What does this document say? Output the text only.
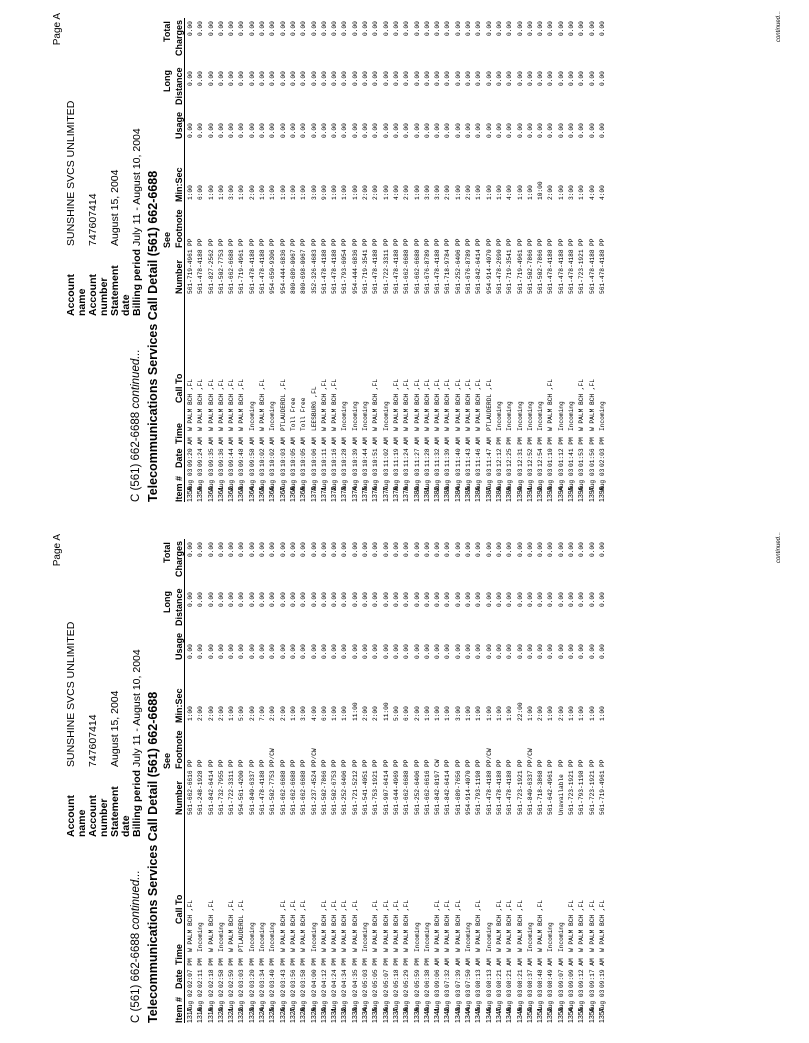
Page A
Account name
SUNSHINE SVCS UNLIMITED
Account number
747607414
Statement date
August 15, 2004
Billing period
July 11 - August 10, 2004
C (561) 662-6688 continued... Telecommunications Services Call Detail (561) 662-6688 Item #
Date
Time
Call To
Number
See Footnote
Min:Sec
Usage
Long Distance
Total Charges
1317
Aug 02
02:07 PM
W PALM BCH ,FL
561-662-6616
PP
1:00
0.00
0.00
0.00
1318
Aug 02
02:11 PM
Incoming
561-248-1928
PP
2:00
0.00
0.00
0.00
1319
Aug 02
02:18 PM
W PALM BCH ,FL
561-842-6414
PP
2:00
0.00
0.00
0.00
1320
Aug 02
02:58 PM
Incoming
561-732-7955
PP
2:00
0.00
0.00
0.00
1321
Aug 02
02:59 PM
W PALM BCH ,FL
561-722-3311
PP
1:00
0.00
0.00
0.00
1322
Aug 02
03:03 PM
PTLAUDERDL ,FL
954-561-4200
PP
5:00
0.00
0.00
0.00
1323
Aug 02
03:20 PM
Incoming
561-840-6337
PP
2:00
0.00
0.00
0.00
1324
Aug 02
03:34 PM
Incoming
561-478-4188
PP
7:00
0.00
0.00
0.00
1325
Aug 02
03:40 PM
Incoming
561-502-7753
PP/CW
2:00
0.00
0.00
0.00
1326
Aug 02
03:43 PM
W PALM BCH ,FL
561-662-6688
PP
2:00
0.00
0.00
0.00
1327
Aug 02
03:56 PM
W PALM BCH ,FL
561-662-6688
PP
1:00
0.00
0.00
0.00
1328
Aug 02
03:58 PM
W PALM BCH ,FL
561-662-6688
PP
3:00
0.00
0.00
0.00
1329
Aug 02
04:00 PM
Incoming
561-237-4524
PP/CW
4:00
0.00
0.00
0.00
1330
Aug 02
04:12 PM
W PALM BCH ,FL
561-502-7866
PP
6:00
0.00
0.00
0.00
1331
Aug 02
04:24 PM
W PALM BCH ,FL
561-502-6753
PP
1:00
0.00
0.00
0.00
1332
Aug 02
04:34 PM
W PALM BCH ,FL
561-252-6406
PP
1:00
0.00
0.00
0.00
1333
Aug 02
04:35 PM
W PALM BCH ,FL
561-721-5212
PP
11:00
0.00
0.00
0.00
1334
Aug 02
05:03 PM
Incoming
561-541-4051
PP
2:00
0.00
0.00
0.00
1335
Aug 02
05:05 PM
W PALM BCH ,FL
561-753-1921
PP
2:00
0.00
0.00
0.00
1336
Aug 02
05:07 PM
W PALM BCH ,FL
561-907-6414
PP
11:00
0.00
0.00
0.00
1337
Aug 02
05:18 PM
W PALM BCH ,FL
561-644-4969
PP
5:00
0.00
0.00
0.00
1338
Aug 02
05:29 PM
W PALM BCH ,FL
561-662-6688
PP
6:00
0.00
0.00
0.00
1339
Aug 02
05:59 PM
Incoming
561-252-6406
PP
2:00
0.00
0.00
0.00
1340
Aug 02
06:38 PM
Incoming
561-662-6616
PP
1:00
0.00
0.00
0.00
1341
Aug 03
09:06 AM
W PALM BCH ,FL
561-842-0197
CW
1:00
0.00
0.00
0.00
1342
Aug 03
07:32 AM
W PALM BCH ,FL
561-842-6414
PP
1:00
0.00
0.00
0.00
1343
Aug 03
07:39 AM
W PALM BCH ,FL
561-689-7656
PP
3:00
0.00
0.00
0.00
1344
Aug 03
07:50 AM
Incoming
954-914-4070
PP
1:00
0.00
0.00
0.00
1345
Aug 03
08:13 AM
W PALM BCH ,FL
561-793-1198
PP
1:00
0.00
0.00
0.00
1346
Aug 03
08:13 AM
Incoming
561-478-4188
PP/CW
1:00
0.00
0.00
0.00
1347
Aug 03
08:21 AM
W PALM BCH ,FL
561-478-4188
PP
1:00
0.00
0.00
0.00
1348
Aug 03
08:21 AM
W PALM BCH ,FL
561-478-4188
PP
1:00
0.00
0.00
0.00
1349
Aug 03
08:21 AM
W PALM BCH ,FL
561-723-1921
PP
22:00
0.00
0.00
0.00
1350
Aug 03
08:37 AM
Incoming
561-840-6337
PP/CW
1:00
0.00
0.00
0.00
1351
Aug 03
08:48 AM
W PALM BCH ,FL
561-718-3868
PP
2:00
0.00
0.00
0.00
1352
Aug 03
08:49 AM
Incoming
561-642-4961
PP
1:00
0.00
0.00
0.00
1353
Aug 03
09:07 AM
Incoming
Unavailable
PP
2:00
0.00
0.00
0.00
1354
Aug 03
09:09 AM
W PALM BCH ,FL
561-723-1921
PP
1:00
0.00
0.00
0.00
1355
Aug 03
09:12 AM
W PALM BCH ,FL
561-793-1198
PP
1:00
0.00
0.00
0.00
1356
Aug 03
09:17 AM
W PALM BCH ,FL
561-723-1921
PP
1:00
0.00
0.00
0.00
1357
Aug 03
09:19 AM
W PALM BCH ,FL
561-719-4961
PP
1:00
0.00
0.00
0.00	continued...
Page A
Account name
SUNSHINE SVCS UNLIMITED
Account number
747607414
Statement date
August 15, 2004
Billing period
July 11 - August 10, 2004
C (561) 662-6688 continued... Telecommunications Services Call Detail (561) 662-6688 Item #
Date
Time
Call To
Number
See Footnote
Min:Sec
Usage
Long Distance
Total Charges
1358
Aug 03
09:20 AM
W PALM BCH ,FL
561-719-4961
PP
1:00
0.00
0.00
0.00
1359
Aug 03
09:24 AM
W PALM BCH ,FL
561-478-4188
PP
6:00
0.00
0.00
0.00
1360
Aug 03
09:35 AM
W PALM BCH ,FL
561-827-2562
PP
1:00
0.00
0.00
0.00
1361
Aug 03
09:36 AM
W PALM BCH ,FL
561-502-7753
PP
1:00
0.00
0.00
0.00
1362
Aug 03
09:44 AM
W PALM BCH ,FL
561-662-6688
PP
3:00
0.00
0.00
0.00
1363
Aug 03
09:48 AM
W PALM BCH ,FL
561-719-4961
PP
1:00
0.00
0.00
0.00
1364
Aug 03
09:58 AM
Incoming
561-478-4188
PP
2:00
0.00
0.00
0.00
1365
Aug 03
10:02 AM
W PALM BCH ,FL
561-478-4188
PP
1:00
0.00
0.00
0.00
1366
Aug 03
10:02 AM
Incoming
954-650-9306
PP
1:00
0.00
0.00
0.00
1367
Aug 03
10:03 AM
PTLAUDERDL ,FL
954-444-6836
PP
1:00
0.00
0.00
0.00
1368
Aug 03
10:05 AM
Toll Free
800-689-0067
PP
1:00
0.00
0.00
0.00
1369
Aug 03
10:05 AM
Toll Free
800-698-0067
PP
1:00
0.00
0.00
0.00
1370
Aug 03
10:06 AM
LEESBURG ,FL
352-326-4683
PP
3:00
0.00
0.00
0.00
1371
Aug 03
10:11 AM
W PALM BCH ,FL
561-478-4188
PP
9:00
0.00
0.00
0.00
1372
Aug 03
10:16 AM
W PALM BCH ,FL
561-478-4188
PP
1:00
0.00
0.00
0.00
1373
Aug 03
10:28 AM
Incoming
561-793-6054
PP
1:00
0.00
0.00
0.00
1374
Aug 03
10:39 AM
Incoming
954-444-6836
PP
1:00
0.00
0.00
0.00
1375
Aug 03
10:44 AM
Incoming
561-719-3541
PP
2:00
0.00
0.00
0.00
1376
Aug 03
10:51 AM
W PALM BCH ,FL
561-478-4188
PP
2:00
0.00
0.00
0.00
1377
Aug 03
11:02 AM
Incoming
561-722-3311
PP
1:00
0.00
0.00
0.00
1378
Aug 03
11:19 AM
W PALM BCH ,FL
561-478-4188
PP
4:00
0.00
0.00
0.00
1379
Aug 03
11:24 AM
W PALM BCH ,FL
561-662-6688
PP
2:00
0.00
0.00
0.00
1380
Aug 03
11:27 AM
W PALM BCH ,FL
561-662-6688
PP
1:00
0.00
0.00
0.00
1381
Aug 03
11:28 AM
W PALM BCH ,FL
561-676-8789
PP
3:00
0.00
0.00
0.00
1382
Aug 03
11:32 AM
W PALM BCH ,FL
561-478-4188
PP
3:00
0.00
0.00
0.00
1383
Aug 03
11:39 AM
W PALM BCH ,FL
561-718-9784
PP
2:00
0.00
0.00
0.00
1384
Aug 03
11:40 AM
W PALM BCH ,FL
561-252-6406
PP
1:00
0.00
0.00
0.00
1385
Aug 03
11:43 AM
W PALM BCH ,FL
561-676-8789
PP
2:00
0.00
0.00
0.00
1386
Aug 03
11:46 AM
W PALM BCH ,FL
561-842-6414
PP
1:00
0.00
0.00
0.00
1387
Aug 03
11:47 AM
PTLAUDERDL ,FL
954-914-4070
PP
1:00
0.00
0.00
0.00
1388
Aug 03
12:12 PM
Incoming
561-478-2690
PP
1:00
0.00
0.00
0.00
1389
Aug 03
12:25 PM
Incoming
561-719-3541
PP
4:00
0.00
0.00
0.00
1390
Aug 03
12:31 PM
Incoming
561-719-4961
PP
1:00
0.00
0.00
0.00
1391
Aug 03
12:52 PM
Incoming
561-502-7866
PP
1:00
0.00
0.00
0.00
1392
Aug 03
12:54 PM
Incoming
561-502-7866
PP
10:00
0.00
0.00
0.00
1393
Aug 03
01:10 PM
W PALM BCH ,FL
561-478-4188
PP
2:00
0.00
0.00
0.00
1394
Aug 03
01:12 PM
Incoming
561-478-4188
PP
1:00
0.00
0.00
0.00
1395
Aug 03
01:41 PM
Incoming
561-478-4188
PP
3:00
0.00
0.00
0.00
1396
Aug 03
01:53 PM
W PALM BCH ,FL
561-723-1921
PP
1:00
0.00
0.00
0.00
1397
Aug 03
01:56 PM
W PALM BCH ,FL
561-478-4188
PP
4:00
0.00
0.00
0.00
1398
Aug 03
02:03 PM
Incoming
561-478-4188
PP
4:00
0.00
0.00
0.00	continued...
